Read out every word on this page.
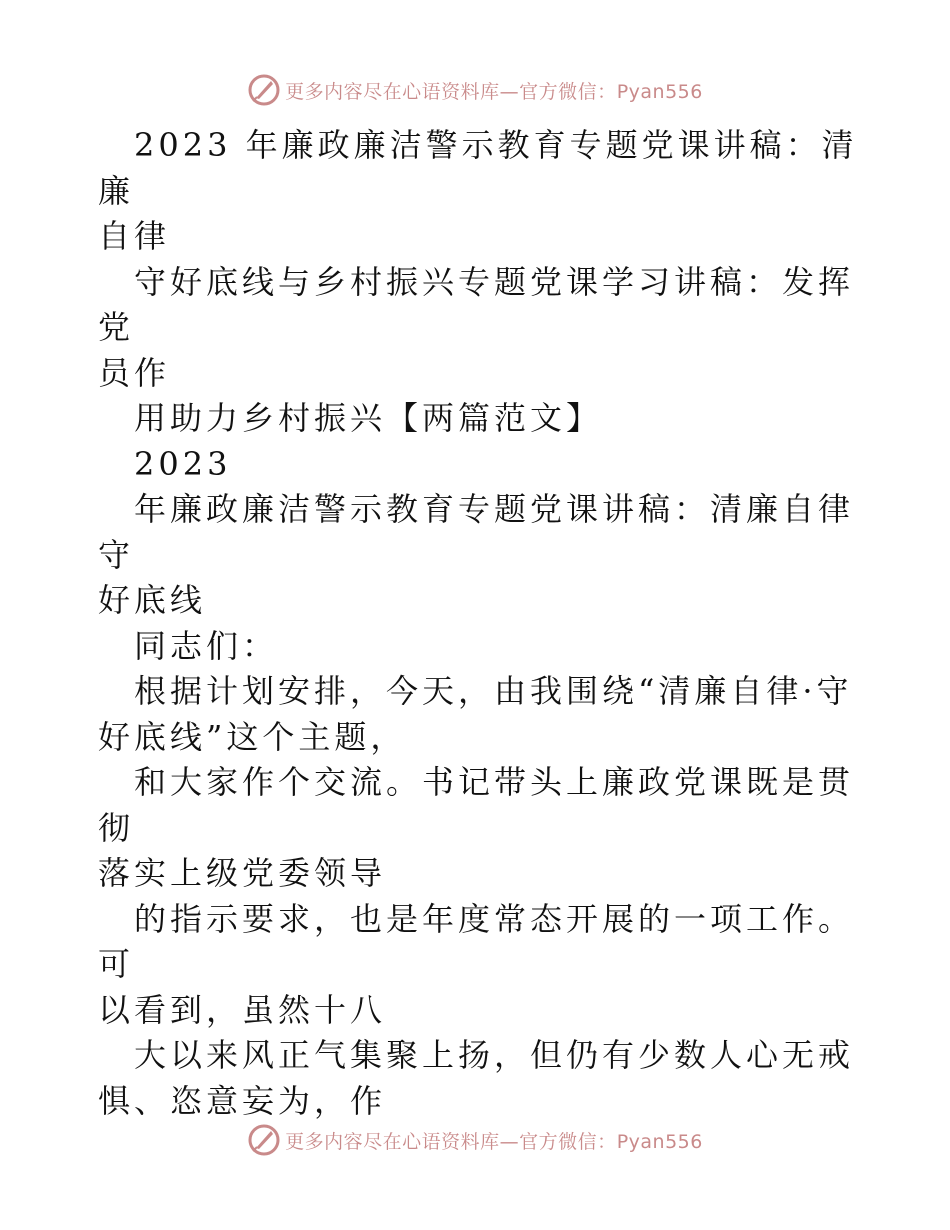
更多内容尽在心语资料库—官方微信：Pyan556

2023 年廉政廉洁警示教育专题党课讲稿：清廉

自律

守好底线与乡村振兴专题党课学习讲稿：发挥党

员作

用助力乡村振兴【两篇范文】

2023

年廉政廉洁警示教育专题党课讲稿：清廉自律守

好底线

同志们：

根据计划安排，今天，由我围绕“清廉自律·守

好底线”这个主题，

和大家作个交流。书记带头上廉政党课既是贯彻

落实上级党委领导

的指示要求，也是年度常态开展的一项工作。可

以看到，虽然十八

大以来风正气集聚上扬，但仍有少数人心无戒

惧、恣意妄为，作

更多内容尽在心语资料库—官方微信：Pyan556
